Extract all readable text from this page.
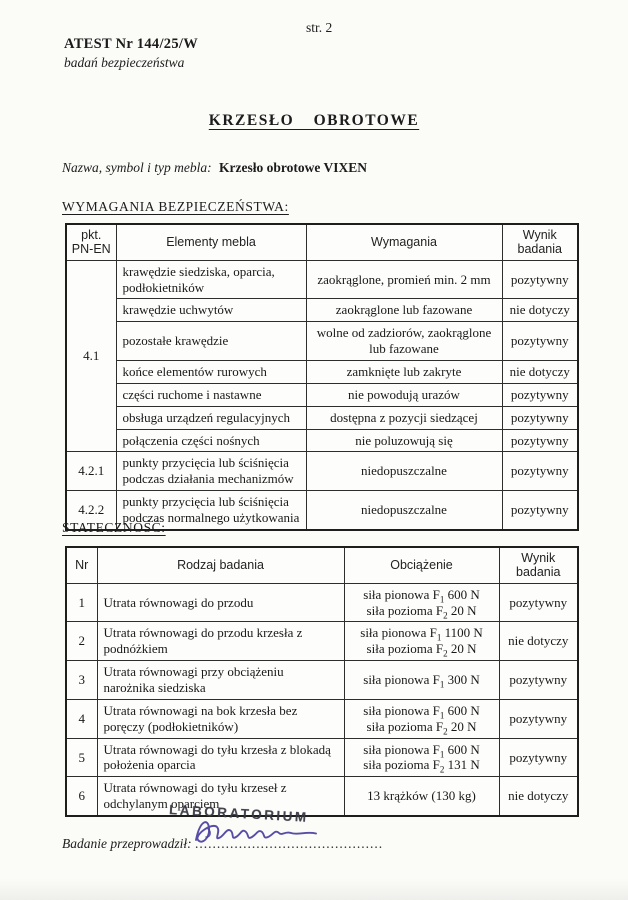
str. 2
ATEST Nr 144/25/W
badań bezpieczeństwa
KRZESŁO OBROTOWE
Nazwa, symbol i typ mebla: Krzesło obrotowe VIXEN
WYMAGANIA BEZPIECZEŃSTWA:
pkt.
PN-EN	Elementy mebla	Wymagania	Wynik
badania
4.1	krawędzie siedziska, oparcia, podłokietników	zaokrąglone, promień min. 2 mm	pozytywny
	krawędzie uchwytów	zaokrąglone lub fazowane	nie dotyczy
	pozostałe krawędzie	wolne od zadziorów, zaokrąglone lub fazowane	pozytywny
	końce elementów rurowych	zamknięte lub zakryte	nie dotyczy
	części ruchome i nastawne	nie powodują urazów	pozytywny
	obsługa urządzeń regulacyjnych	dostępna z pozycji siedzącej	pozytywny
	połączenia części nośnych	nie poluzowują się	pozytywny
4.2.1	punkty przycięcia lub ściśnięcia podczas działania mechanizmów	niedopuszczalne	pozytywny
4.2.2	punkty przycięcia lub ściśnięcia podczas normalnego użytkowania	niedopuszczalne	pozytywny
STATECZNOŚĆ:
Nr	Rodzaj badania	Obciążenie	Wynik
badania
1	Utrata równowagi do przodu	siła pionowa $F_1$ 600 N
siła pozioma $F_2$ 20 N	pozytywny
2	Utrata równowagi do przodu krzesła z podnóżkiem	siła pionowa $F_1$ 1100 N
siła pozioma $F_2$ 20 N	nie dotyczy
3	Utrata równowagi przy obciążeniu narożnika siedziska	siła pionowa $F_1$ 300 N	pozytywny
4	Utrata równowagi na bok krzesła bez poręczy (podłokietników)	siła pionowa $F_1$ 600 N
siła pozioma $F_2$ 20 N	pozytywny
5	Utrata równowagi do tyłu krzesła z blokadą położenia oparcia	siła pionowa $F_1$ 600 N
siła pozioma $F_2$ 131 N	pozytywny
6	Utrata równowagi do tyłu krzeseł z odchylanym oparciem	13 krążków (130 kg)	nie dotyczy
LABORATORIUM
Badanie przeprowadził: ...........................................
